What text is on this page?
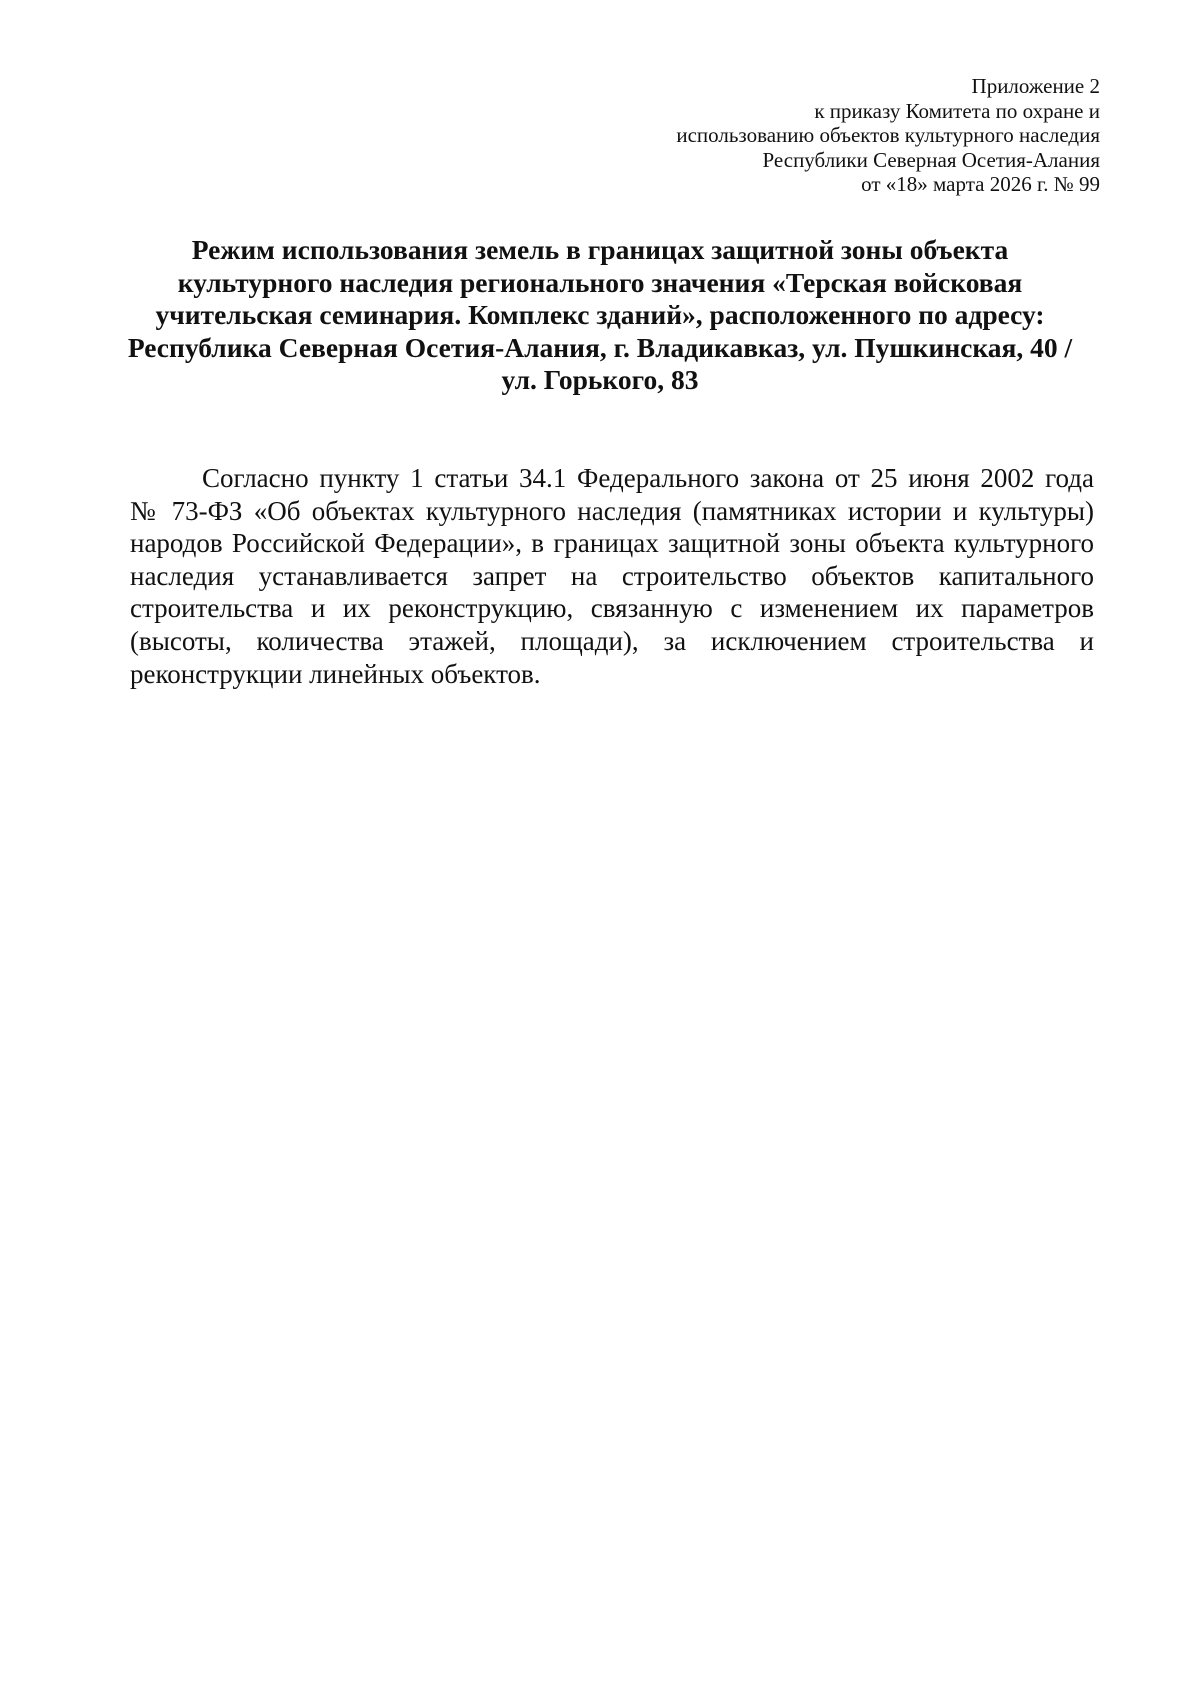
Приложение 2
к приказу Комитета по охране и
использованию объектов культурного наследия
Республики Северная Осетия-Алания
от «18» марта 2026 г. № 99
Режим использования земель в границах защитной зоны объекта
культурного наследия регионального значения «Терская войсковая
учительская семинария. Комплекс зданий», расположенного по адресу:
Республика Северная Осетия-Алания, г. Владикавказ, ул. Пушкинская, 40 /
ул. Горького, 83
Согласно пункту 1 статьи 34.1 Федерального закона от 25 июня 2002 года
№ 73-ФЗ «Об объектах культурного наследия (памятниках истории и культуры)
народов Российской Федерации», в границах защитной зоны объекта культурного
наследия устанавливается запрет на строительство объектов капитального
строительства и их реконструкцию, связанную с изменением их параметров
(высоты, количества этажей, площади), за исключением строительства и
реконструкции линейных объектов.
